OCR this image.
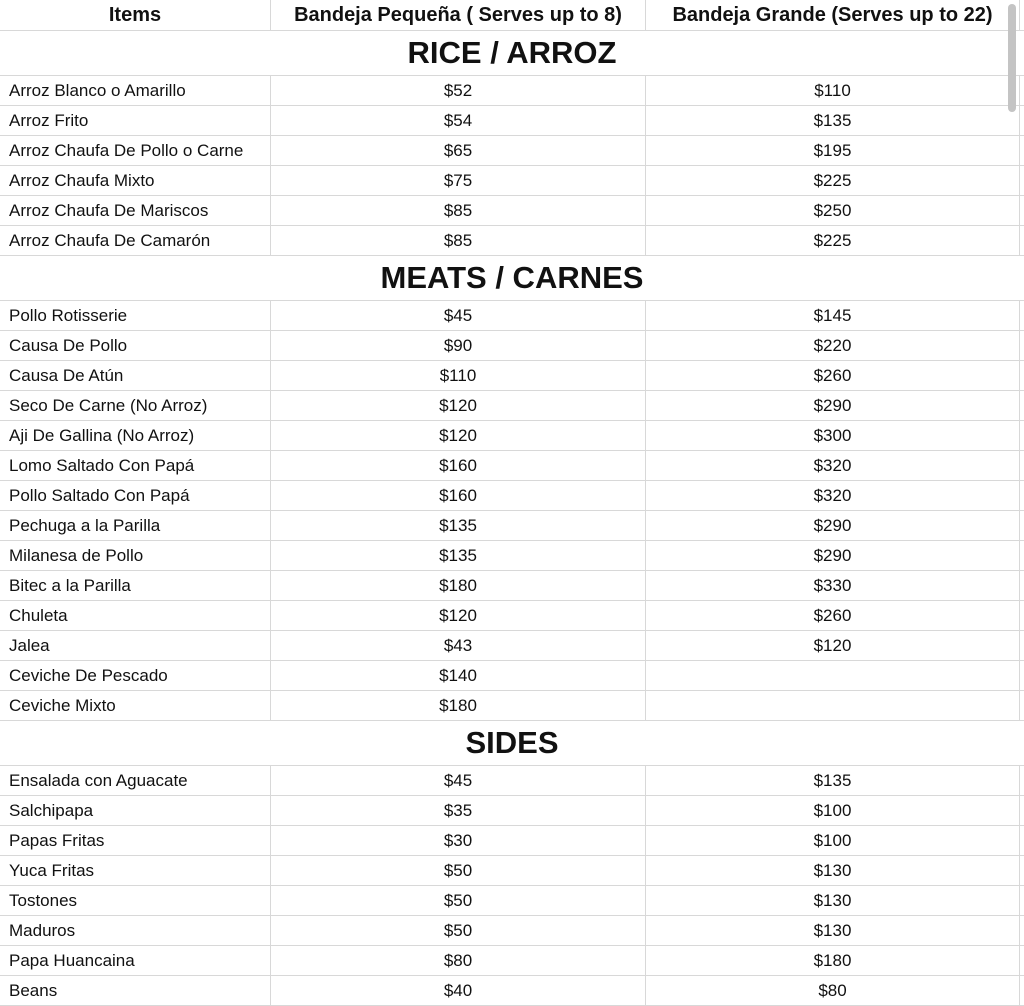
Items	Bandeja Pequeña ( Serves up to 8)	Bandeja Grande (Serves up to 22)
RICE / ARROZ
Arroz Blanco o Amarillo	$52	$110
Arroz Frito	$54	$135
Arroz Chaufa De Pollo o Carne	$65	$195
Arroz Chaufa Mixto	$75	$225
Arroz Chaufa De Mariscos	$85	$250
Arroz Chaufa De Camarón	$85	$225
MEATS / CARNES
Pollo Rotisserie	$45	$145
Causa De Pollo	$90	$220
Causa De Atún	$110	$260
Seco De Carne (No Arroz)	$120	$290
Aji De Gallina (No Arroz)	$120	$300
Lomo Saltado Con Papá	$160	$320
Pollo Saltado Con Papá	$160	$320
Pechuga a la Parilla	$135	$290
Milanesa de Pollo	$135	$290
Bitec a la Parilla	$180	$330
Chuleta	$120	$260
Jalea	$43	$120
Ceviche De Pescado	$140
Ceviche Mixto	$180
SIDES
Ensalada con Aguacate	$45	$135
Salchipapa	$35	$100
Papas Fritas	$30	$100
Yuca Fritas	$50	$130
Tostones	$50	$130
Maduros	$50	$130
Papa Huancaina	$80	$180
Beans	$40	$80
